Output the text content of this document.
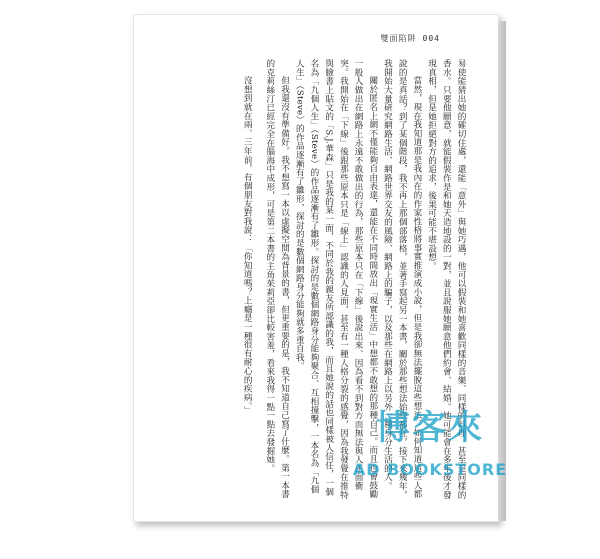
雙面陷阱 004

易使能猜出她的確切住處，還能「意外」與她巧遇，他可以假裝和她喜歡同樣的音樂、同樣的料理，甚至是同樣的香水。只要他願意，就能假裝作是和她天造地設的一對，並且說服她願意他們約會、結婚。她可能會在多年後才發現真相，但是她拒絕對方的追求，後果可能不堪設想。

當然，現在我知道那是我內在的作家性格將事實推演成小說，但是我卻無法擺脫這些想法：如何知道這些人都說的是真話？到了某個階段，我不再上那個部落格，並著手寫起另一本書，關於那些想法始終都在，接下來幾年，我開始大量研究網路生活、網路世界交友的風險、網路上的騙子，以及那些在網路上以另外一種身分生活的人。

關於匿名上網不僅能夠自由表達，還能在不同時間放出「現實生活」中想都不敢想的那種自己。而且也會鼓勵一般人做出在網路上永遠不敢做出的行為，那些原本只在「下線」後說出來、因為看不到對方而無法與人正面衝突。我開始在「下線」後跟那些原本只是「線上」認識的人見面，甚至有一種人格分裂的感覺，因為我發覺在推特與臉書上貼文的「S.J.華森」只是我的某一面，不同於我的親友所認識的我，而且她說的話也同樣被人信任，一個名為「九個人生」（Steve）的作品逐漸有了雛形。探討的是數個網路身分能夠聚合、互相撞擊，一本名為「九個人生」（Steve）的作品逐漸有了雛形，探討的是數個網路身分能夠就多重自我。

但我還沒有準備好。我不想寫一本以虛擬空間為背景的書，但更重要的是，我不知道自己寫了什麼。第一本書的克莉絲汀已經完全在腦海中成形，可是第二本書的主角茱莉亞卻比較害羞，看來我得一點一點去發掘她。

沒想到就在兩、三年前，有個朋友對我說：「你知道嗎？上癮是一種很有耐心的疾病。」

博客來
AD BOOKSTORE
